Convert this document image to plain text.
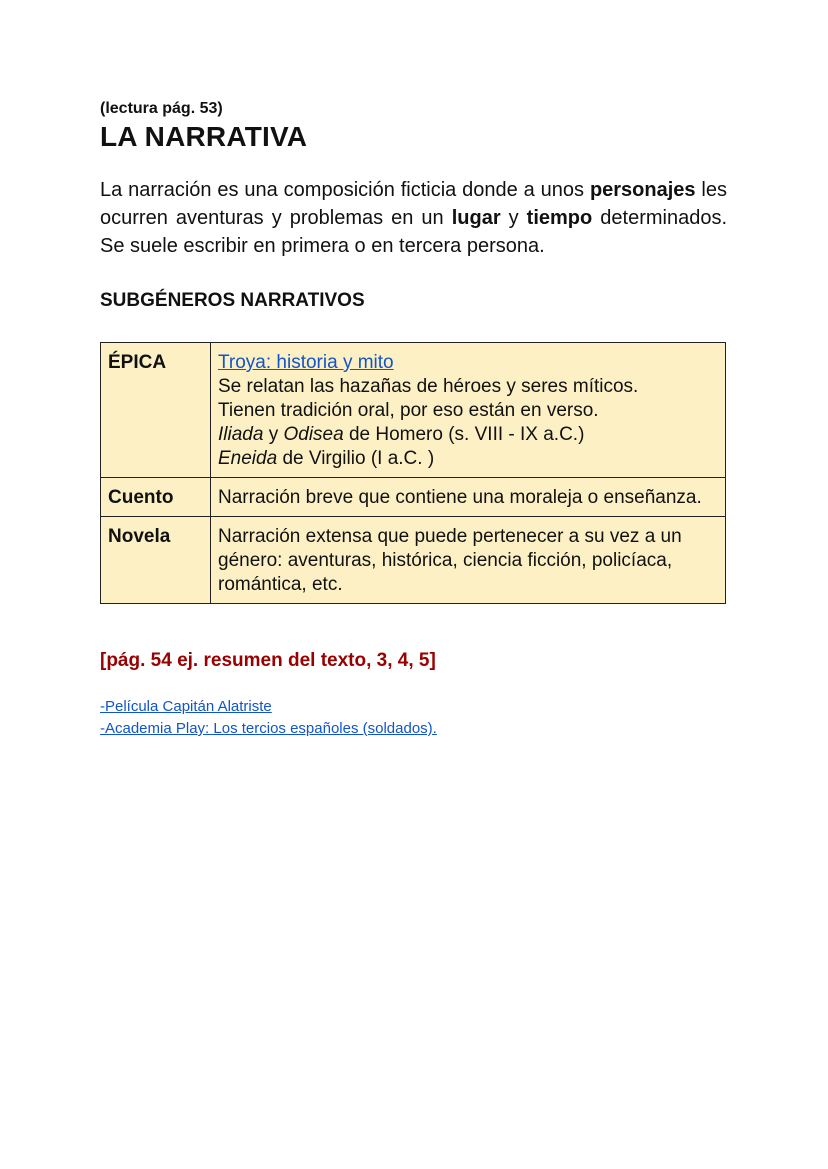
(lectura pág. 53)

LA NARRATIVA

La narración es una composición ficticia donde a unos personajes les ocurren aventuras y problemas en un lugar y tiempo determinados. Se suele escribir en primera o en tercera persona.

SUBGÉNEROS NARRATIVOS
ÉPICA	Troya: historia y mito
Se relatan las hazañas de héroes y seres míticos.
Tienen tradición oral, por eso están en verso.
Iliada y Odisea de Homero (s. VIII - IX a.C.)
Eneida de Virgilio (I a.C. )

Cuento	Narración breve que contiene una moraleja o enseñanza.
Novela	Narración extensa que puede pertenecer a su vez a un género: aventuras, histórica, ciencia ficción, policíaca, romántica, etc.

[pág. 54 ej. resumen del texto, 3, 4, 5]

-Película Capitán Alatriste
-Academia Play: Los tercios españoles (soldados).
